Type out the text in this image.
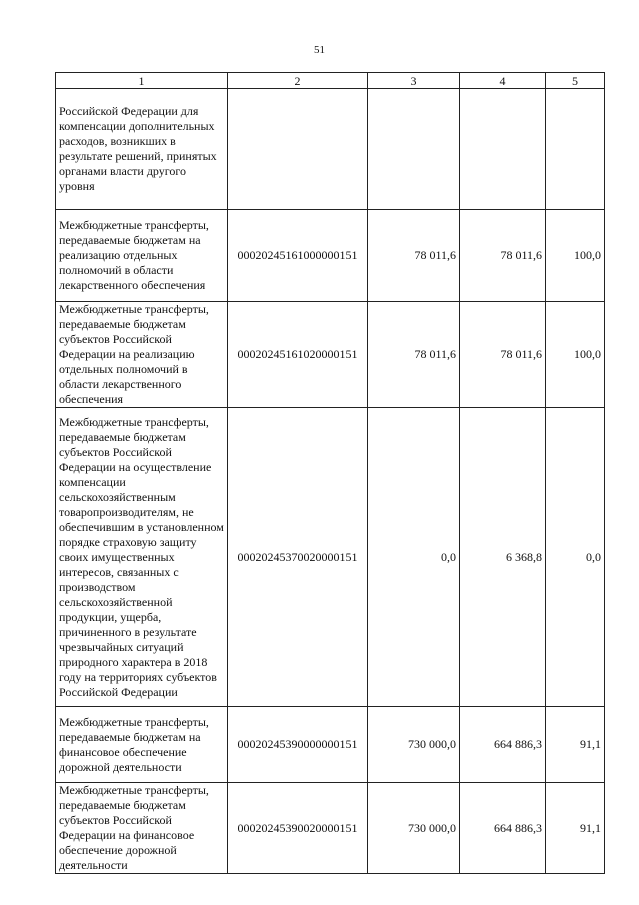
51
1	2	3	4	5
Российской Федерации для компенсации дополнительных расходов, возникших в результате решений, принятых органами власти другого уровня				
Межбюджетные трансферты, передаваемые бюджетам на реализацию отдельных полномочий в области лекарственного обеспечения	00020245161000000151	78 011,6	78 011,6	100,0
Межбюджетные трансферты, передаваемые бюджетам субъектов Российской Федерации на реализацию отдельных полномочий в области лекарственного обеспечения	00020245161020000151	78 011,6	78 011,6	100,0
Межбюджетные трансферты, передаваемые бюджетам субъектов Российской Федерации на осуществление компенсации сельскохозяйственным товаропроизводителям, не обеспечившим в установленном порядке страховую защиту своих имущественных интересов, связанных с производством сельскохозяйственной продукции, ущерба, причиненного в результате чрезвычайных ситуаций природного характера в 2018 году на территориях субъектов Российской Федерации	00020245370020000151	0,0	6 368,8	0,0
Межбюджетные трансферты, передаваемые бюджетам на финансовое обеспечение дорожной деятельности	00020245390000000151	730 000,0	664 886,3	91,1
Межбюджетные трансферты, передаваемые бюджетам субъектов Российской Федерации на финансовое обеспечение дорожной деятельности	00020245390020000151	730 000,0	664 886,3	91,1
